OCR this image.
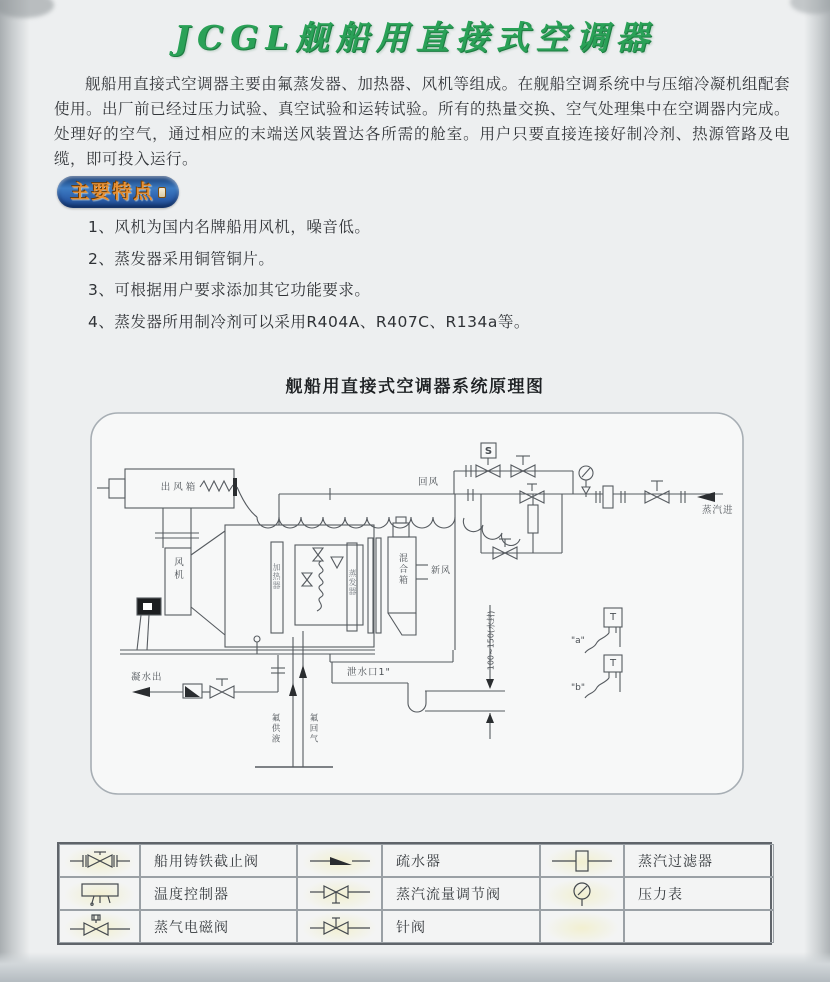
JCGL舰船用直接式空调器
舰船用直接式空调器主要由氟蒸发器、加热器、风机等组成。在舰船空调系统中与压缩冷凝机组配套使用。出厂前已经过压力试验、真空试验和运转试验。所有的热量交换、空气处理集中在空调器内完成。处理好的空气，通过相应的末端送风装置达各所需的舱室。用户只要直接连接好制冷剂、热源管路及电缆，即可投入运行。
主要特点
1、风机为国内名牌船用风机，噪音低。
2、蒸发器采用铜管铜片。
3、可根据用户要求添加其它功能要求。
4、蒸发器所用制冷剂可以采用R404A、R407C、R134a等。
舰船用直接式空调器系统原理图
出风箱
风机	加热器	蒸发器	混合箱	新风
回风
蒸汽进
S
T
T
"a"
"b"
凝水出	泄水口1"
100~150(水封)
氟供液	氟回气
船用铸铁截止阀	疏水器	蒸汽过滤器
温度控制器	蒸汽流量调节阀	压力表
蒸气电磁阀	针阀
